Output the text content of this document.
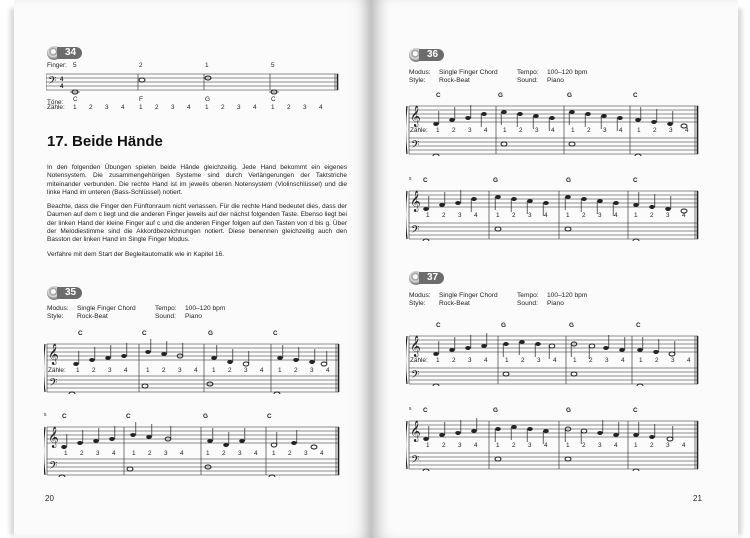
34
Finger: 5	2	1	5
𝄢 4
4
Töne: C	F	G	C
Zähle: 1 2 3 4 1 2 3 4 1 2 3 4 1 2 3 4
17. Beide Hände

In den folgenden Übungen spielen beide Hände gleichzeitig. Jede Hand bekommt ein eigenes Notensystem. Die zusammengehörigen Systeme sind durch Verlängerungen der Taktstriche miteinander verbunden. Die rechte Hand ist im jeweils oberen Notensystem (Violinschlüssel) und die linke Hand im unteren (Bass-Schlüssel) notiert.

Beachte, dass die Finger den Fünftonraum nicht verlassen. Für die rechte Hand bedeutet dies, dass der Daumen auf dem c liegt und die anderen Finger jeweils auf der nächst folgenden Taste. Ebenso liegt bei der linken Hand der kleine Finger auf c und die anderen Finger folgen auf den Tasten von d bis g. Über der Melodiestimme sind die Akkordbezeichnungen notiert. Diese benennen gleichzeitig auch den Basston der linken Hand im Single Finger Modus.

Verfahre mit dem Start der Begleitautomatik wie in Kapitel 16.

35
Modus: Single Finger Chord	Tempo: 100–120 bpm
Style: Rock-Beat	Sound: Piano
C	C	G	C
𝄞
𝄢
Zähle: 1 2 3 4	1 2 3 4 1 2 3 4 1 2 3 4
5 C	C	G	C
𝄞
𝄢
1 2 3 4	1 2 3 4	1 2 3 4 1 2 3 4
20
36
Modus: Single Finger Chord	Tempo: 100–120 bpm
Style: Rock-Beat	Sound: Piano
C	G	G	C
𝄞
𝄢
Zähle: 1 2 3 4 1 2 3 4	1 2 3 4 1 2 3 4
5 C	G	G	C
𝄞
𝄢
1 2 3 4	1 2 3 4	1 2 3 4	1 2 3 4
37
Modus: Single Finger Chord	Tempo: 100–120 bpm
Style: Rock-Beat	Sound: Piano
C	G	G	C
𝄞
𝄢
Zähle: 1 2 3 4	1 2 3 4	1 2 3 4 1 2 3 4
5 C	G	G	C
𝄞
𝄢
1 2 3 4	1 2 3 4	1 2 3 4	1 2 3 4
21
